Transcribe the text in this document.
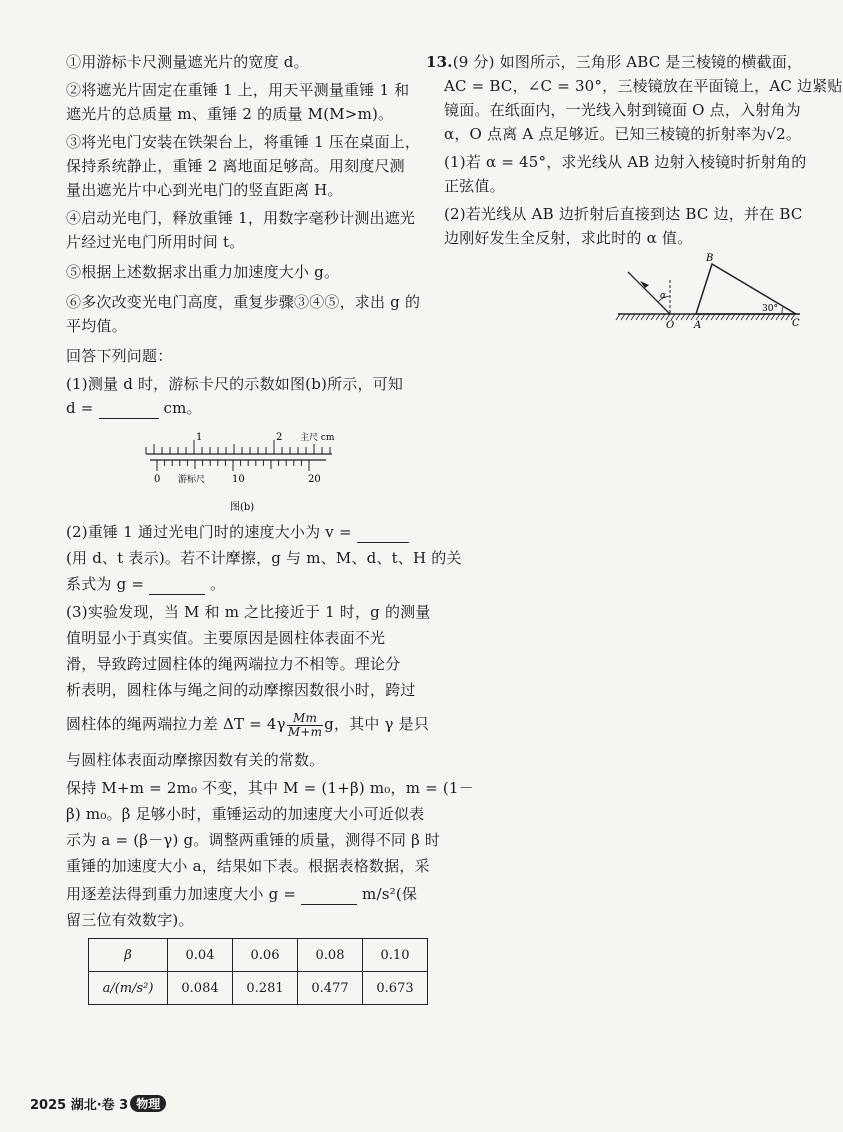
①用游标卡尺测量遮光片的宽度 d。
②将遮光片固定在重锤 1 上，用天平测量重锤 1 和
遮光片的总质量 m、重锤 2 的质量 M(M>m)。
③将光电门安装在铁架台上，将重锤 1 压在桌面上，
保持系统静止，重锤 2 离地面足够高。用刻度尺测
量出遮光片中心到光电门的竖直距离 H。
④启动光电门，释放重锤 1，用数字毫秒计测出遮光
片经过光电门所用时间 t。
⑤根据上述数据求出重力加速度大小 g。
⑥多次改变光电门高度，重复步骤③④⑤，求出 g 的
平均值。
回答下列问题：
(1)测量 d 时，游标卡尺的示数如图(b)所示，可知
d =	cm。
1	2 主尺 cm
0	10	20
游标尺
图(b)
(2)重锤 1 通过光电门时的速度大小为 v =
(用 d、t 表示)。若不计摩擦，g 与 m、M、d、t、H 的关
系式为 g =	。
(3)实验发现，当 M 和 m 之比接近于 1 时，g 的测量
值明显小于真实值。主要原因是圆柱体表面不光
滑，导致跨过圆柱体的绳两端拉力不相等。理论分
析表明，圆柱体与绳之间的动摩擦因数很小时，跨过
圆柱体的绳两端拉力差 $\Delta T = 4\gamma \frac{Mm}{M+m}$ g，其中 γ 是只
与圆柱体表面动摩擦因数有关的常数。
保持 M+m = 2m₀ 不变，其中 M = (1+β) m₀，m = (1－
β) m₀。β 足够小时，重锤运动的加速度大小可近似表
示为 a = (β－γ) g。调整两重锤的质量，测得不同 β 时
重锤的加速度大小 a，结果如下表。根据表格数据，采
用逐差法得到重力加速度大小 g =	m/s²(保
留三位有效数字)。
β	0.04	0.06	0.08	0.10
a/(m/s²)	0.084	0.281	0.477	0.673
13.(9 分) 如图所示，三角形 ABC 是三棱镜的横截面，
AC = BC，∠C = 30°，三棱镜放在平面镜上，AC 边紧贴
镜面。在纸面内，一光线入射到镜面 O 点，入射角为
α，O 点离 A 点足够近。已知三棱镜的折射率为√2。
(1)若 α = 45°，求光线从 AB 边射入棱镜时折射角的
正弦值。
(2)若光线从 AB 边折射后直接到达 BC 边，并在 BC
边刚好发生全反射，求此时的 α 值。
α
B
O A	C
30°
2025 湖北·卷 3 物理
